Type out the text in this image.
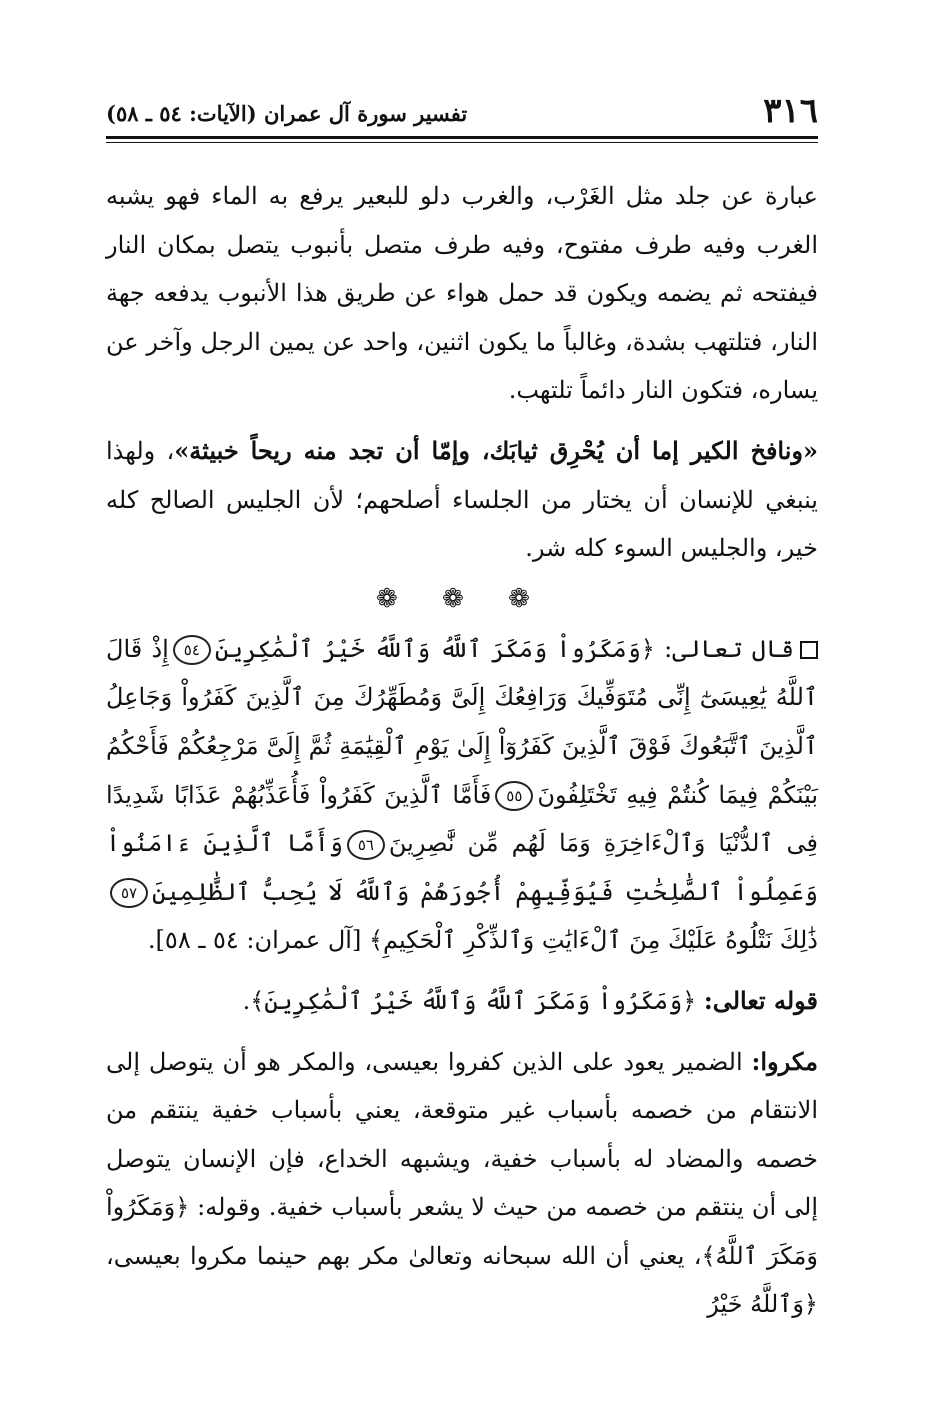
٣١٦
تفسير سورة آل عمران (الآيات: ٥٤ ـ ٥٨)

عبارة عن جلد مثل الغَرْب، والغرب دلو للبعير يرفع به الماء فهو يشبه الغرب وفيه طرف مفتوح، وفيه طرف متصل بأنبوب يتصل بمكان النار فيفتحه ثم يضمه ويكون قد حمل هواء عن طريق هذا الأنبوب يدفعه جهة النار، فتلتهب بشدة، وغالباً ما يكون اثنين، واحد عن يمين الرجل وآخر عن يساره، فتكون النار دائماً تلتهب.

«ونافخ الكير إما أن يُحْرِق ثيابَك، وإمّا أن تجد منه ريحاً خبيثة»، ولهذا ينبغي للإنسان أن يختار من الجلساء أصلحهم؛ لأن الجليس الصالح كله خير، والجليس السوء كله شر.

❁ ❁ ❁

قال تعالى: ﴿وَمَكَرُواْ وَمَكَرَ ٱللَّهُ وَٱللَّهُ خَيْرُ ٱلْمَٰكِرِينَ٥٤إِذْ قَالَ ٱللَّهُ يَٰعِيسَىٰٓ إِنِّى مُتَوَفِّيكَ وَرَافِعُكَ إِلَىَّ وَمُطَهِّرُكَ مِنَ ٱلَّذِينَ كَفَرُواْ وَجَاعِلُ ٱلَّذِينَ ٱتَّبَعُوكَ فَوْقَ ٱلَّذِينَ كَفَرُوٓاْ إِلَىٰ يَوْمِ ٱلْقِيَٰمَةِ ثُمَّ إِلَىَّ مَرْجِعُكُمْ فَأَحْكُمُ بَيْنَكُمْ فِيمَا كُنتُمْ فِيهِ تَخْتَلِفُونَ٥٥فَأَمَّا ٱلَّذِينَ كَفَرُواْ فَأُعَذِّبُهُمْ عَذَابًا شَدِيدًا فِى ٱلدُّنْيَا وَٱلْءَاخِرَةِ وَمَا لَهُم مِّن نَّٰصِرِينَ٥٦وَأَمَّا ٱلَّذِينَ ءَامَنُواْ وَعَمِلُواْ ٱلصَّٰلِحَٰتِ فَيُوَفِّيهِمْ أُجُورَهُمْ وَٱللَّهُ لَا يُحِبُّ ٱلظَّٰلِمِينَ٥٧ذَٰلِكَ نَتْلُوهُ عَلَيْكَ مِنَ ٱلْءَايَٰتِ وَٱلذِّكْرِ ٱلْحَكِيمِ﴾ [آل عمران: ٥٤ ـ ٥٨].

قوله تعالى: ﴿وَمَكَرُواْ وَمَكَرَ ٱللَّهُ وَٱللَّهُ خَيْرُ ٱلْمَٰكِرِينَ﴾.

مكروا: الضمير يعود على الذين كفروا بعيسى، والمكر هو أن يتوصل إلى الانتقام من خصمه بأسباب غير متوقعة، يعني بأسباب خفية ينتقم من خصمه والمضاد له بأسباب خفية، ويشبهه الخداع، فإن الإنسان يتوصل إلى أن ينتقم من خصمه من حيث لا يشعر بأسباب خفية. وقوله: ﴿وَمَكَرُواْ وَمَكَرَ ٱللَّهُ﴾، يعني أن الله سبحانه وتعالىٰ مكر بهم حينما مكروا بعيسى، ﴿وَٱللَّهُ خَيْرُ
